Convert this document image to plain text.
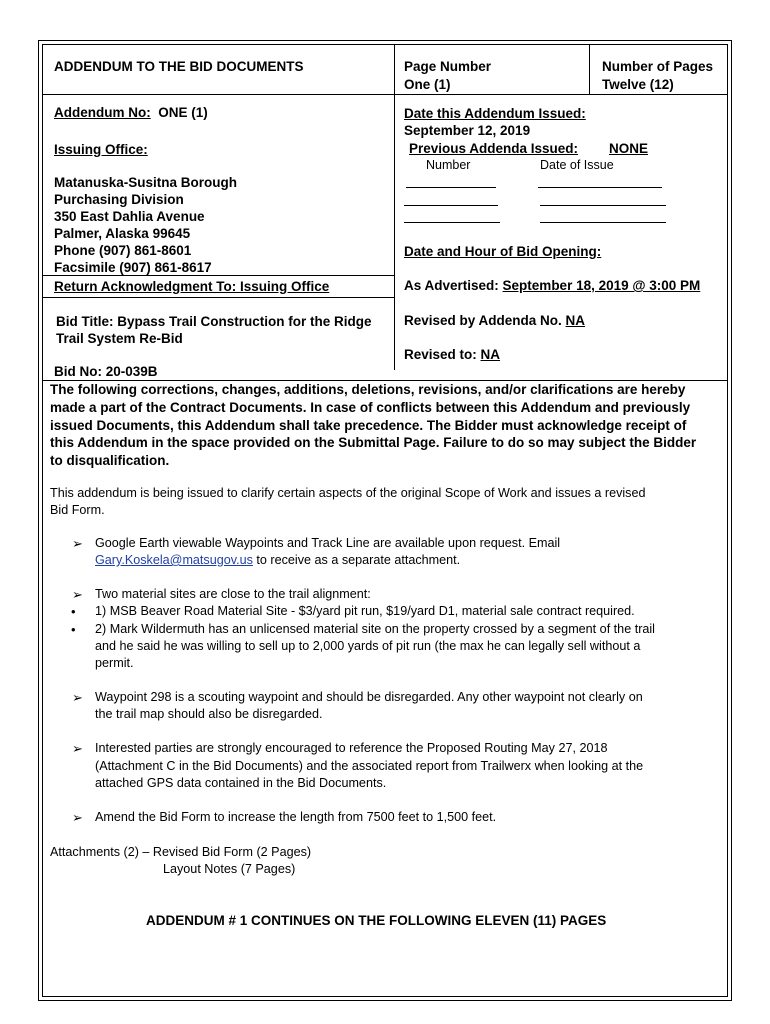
ADDENDUM TO THE BID DOCUMENTS	Page Number
One (1)
Number of Pages
Twelve (12)
Addendum No: ONE (1)
Issuing Office:
Matanuska-Susitna Borough
Purchasing Division
350 East Dahlia Avenue
Palmer, Alaska 99645
Phone (907) 861-8601
Facsimile (907) 861-8617
Return Acknowledgment To: Issuing Office
Bid Title: Bypass Trail Construction for the Ridge
Trail System Re-Bid
Bid No: 20-039B
Date this Addendum Issued:
September 12, 2019
Previous Addenda Issued: NONE
Number	Date of Issue
Date and Hour of Bid Opening:
As Advertised: September 18, 2019 @ 3:00 PM
Revised by Addenda No. NA
Revised to: NA
The following corrections, changes, additions, deletions, revisions, and/or clarifications are hereby
made a part of the Contract Documents. In case of conflicts between this Addendum and previously
issued Documents, this Addendum shall take precedence. The Bidder must acknowledge receipt of
this Addendum in the space provided on the Submittal Page. Failure to do so may subject the Bidder
to disqualification.
This addendum is being issued to clarify certain aspects of the original Scope of Work and issues a revised
Bid Form.
➢ Google Earth viewable Waypoints and Track Line are available upon request. Email
Gary.Koskela@matsugov.us to receive as a separate attachment.
➢ Two material sites are close to the trail alignment:
• 1) MSB Beaver Road Material Site - $3/yard pit run, $19/yard D1, material sale contract required.
• 2) Mark Wildermuth has an unlicensed material site on the property crossed by a segment of the trail
and he said he was willing to sell up to 2,000 yards of pit run (the max he can legally sell without a
permit.
➢ Waypoint 298 is a scouting waypoint and should be disregarded. Any other waypoint not clearly on
the trail map should also be disregarded.
➢ Interested parties are strongly encouraged to reference the Proposed Routing May 27, 2018
(Attachment C in the Bid Documents) and the associated report from Trailwerx when looking at the
attached GPS data contained in the Bid Documents.
➢ Amend the Bid Form to increase the length from 7500 feet to 1,500 feet.
Attachments (2) – Revised Bid Form (2 Pages)
Layout Notes (7 Pages)
ADDENDUM # 1 CONTINUES ON THE FOLLOWING ELEVEN (11) PAGES
